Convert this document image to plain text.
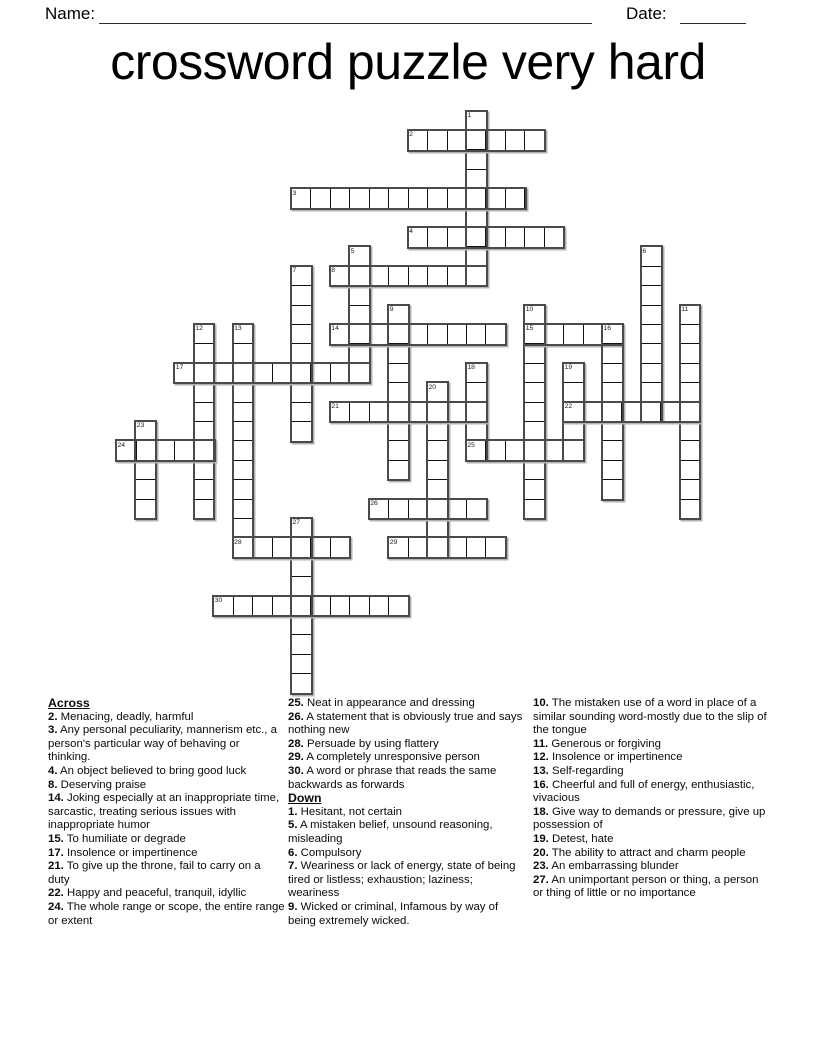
Name:	Date:
crossword puzzle very hard
1
2
3
4
5	6
7	8
9	10	11
12	13	14	15	16
17	18	19
20
21	22
23
24	25
26
27
28	29
30
Across
2. Menacing, deadly, harmful
3. Any personal peculiarity, mannerism etc., a person's particular way of behaving or thinking.
4. An object believed to bring good luck
8. Deserving praise
14. Joking especially at an inappropriate time, sarcastic, treating serious issues with inappropriate humor
15. To humiliate or degrade
17. Insolence or impertinence
21. To give up the throne, fail to carry on a duty
22. Happy and peaceful, tranquil, idyllic
24. The whole range or scope, the entire range or extent
25. Neat in appearance and dressing
26. A statement that is obviously true and says nothing new
28. Persuade by using flattery
29. A completely unresponsive person
30. A word or phrase that reads the same backwards as forwards
Down
1. Hesitant, not certain
5. A mistaken belief, unsound reasoning, misleading
6. Compulsory
7. Weariness or lack of energy, state of being tired or listless; exhaustion; laziness; weariness
9. Wicked or criminal, Infamous by way of being extremely wicked.
10. The mistaken use of a word in place of a similar sounding word-mostly due to the slip of the tongue
11. Generous or forgiving
12. Insolence or impertinence
13. Self-regarding
16. Cheerful and full of energy, enthusiastic, vivacious
18. Give way to demands or pressure, give up possession of
19. Detest, hate
20. The ability to attract and charm people
23. An embarrassing blunder
27. An unimportant person or thing, a person or thing of little or no importance
